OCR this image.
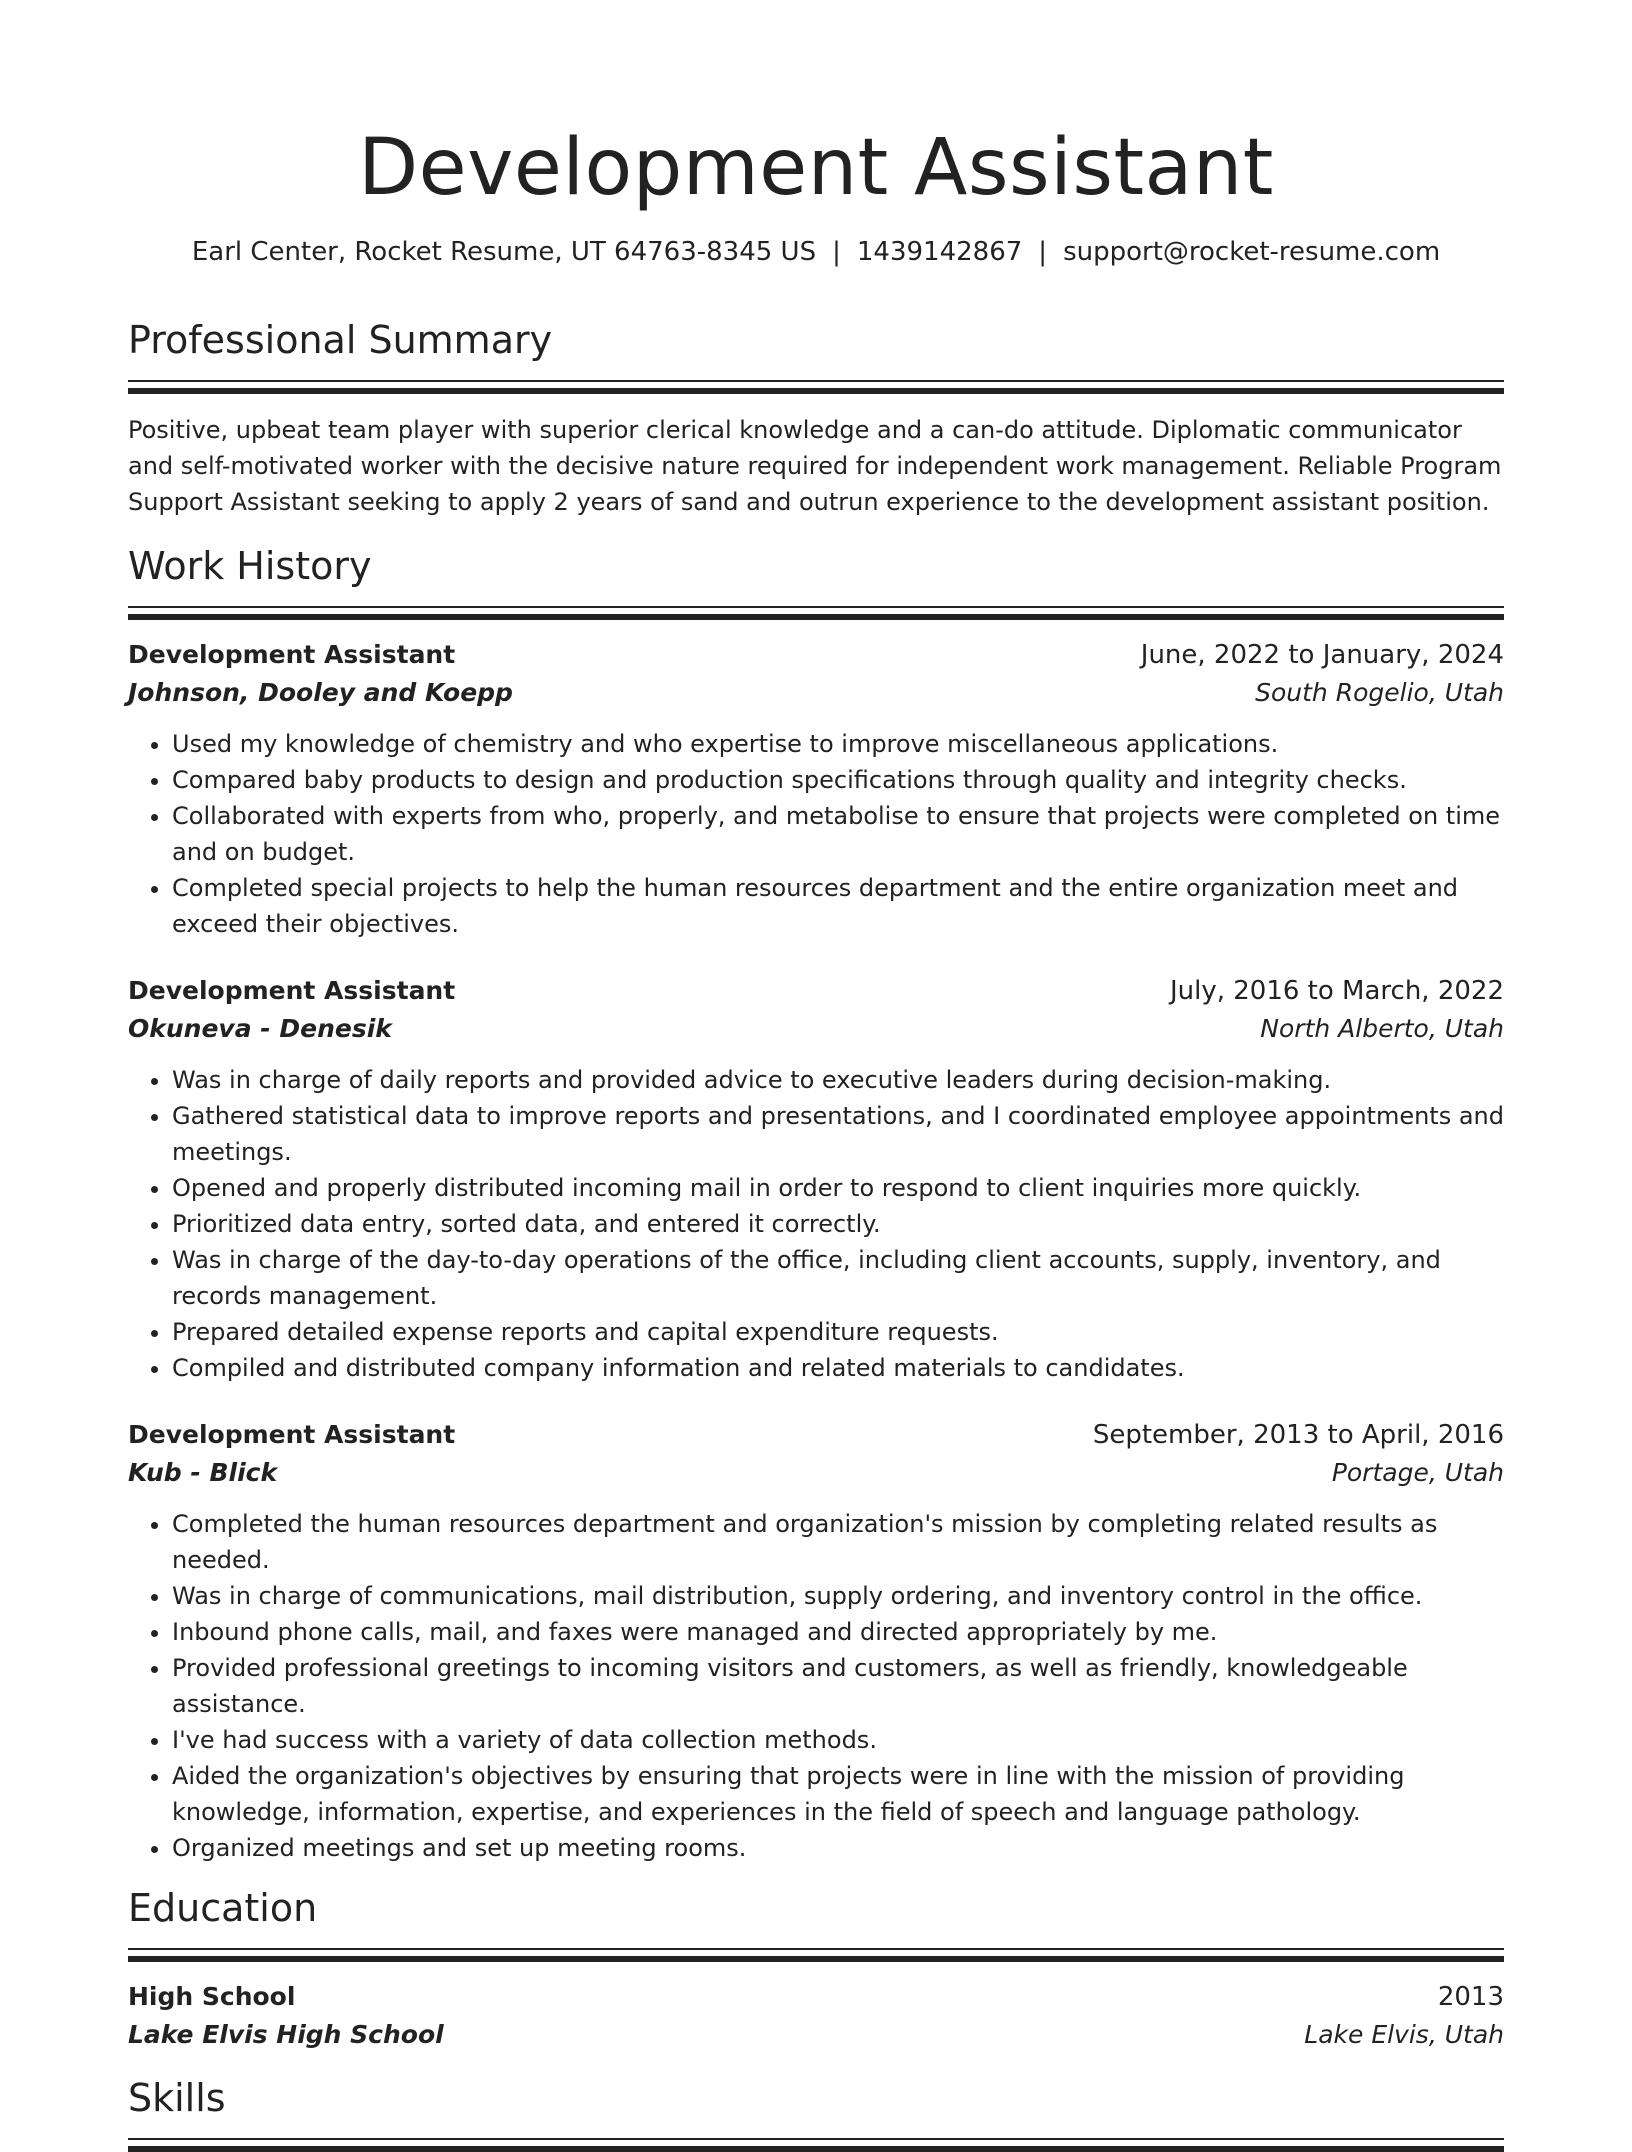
Development Assistant
Earl Center, Rocket Resume, UT 64763-8345 US | 1439142867 | support@rocket-resume.com
Professional Summary

Positive, upbeat team player with superior clerical knowledge and a can-do attitude. Diplomatic communicator and self-motivated worker with the decisive nature required for independent work management. Reliable Program Support Assistant seeking to apply 2 years of sand and outrun experience to the development assistant position.

Work History
Development Assistant	June, 2022 to January, 2024
Johnson, Dooley and Koepp	South Rogelio, Utah
• Used my knowledge of chemistry and who expertise to improve miscellaneous applications.
• Compared baby products to design and production specifications through quality and integrity checks.
• Collaborated with experts from who, properly, and metabolise to ensure that projects were completed on time and on budget.
• Completed special projects to help the human resources department and the entire organization meet and exceed their objectives.
Development Assistant	July, 2016 to March, 2022
Okuneva - Denesik	North Alberto, Utah
• Was in charge of daily reports and provided advice to executive leaders during decision-making.
• Gathered statistical data to improve reports and presentations, and I coordinated employee appointments and meetings.
• Opened and properly distributed incoming mail in order to respond to client inquiries more quickly.
• Prioritized data entry, sorted data, and entered it correctly.
• Was in charge of the day-to-day operations of the office, including client accounts, supply, inventory, and records management.
• Prepared detailed expense reports and capital expenditure requests.
• Compiled and distributed company information and related materials to candidates.
Development Assistant	September, 2013 to April, 2016
Kub - Blick	Portage, Utah
• Completed the human resources department and organization's mission by completing related results as needed.
• Was in charge of communications, mail distribution, supply ordering, and inventory control in the office.
• Inbound phone calls, mail, and faxes were managed and directed appropriately by me.
• Provided professional greetings to incoming visitors and customers, as well as friendly, knowledgeable assistance.
• I've had success with a variety of data collection methods.
• Aided the organization's objectives by ensuring that projects were in line with the mission of providing knowledge, information, expertise, and experiences in the field of speech and language pathology.
• Organized meetings and set up meeting rooms.
Education
High School	2013
Lake Elvis High School	Lake Elvis, Utah
Skills
